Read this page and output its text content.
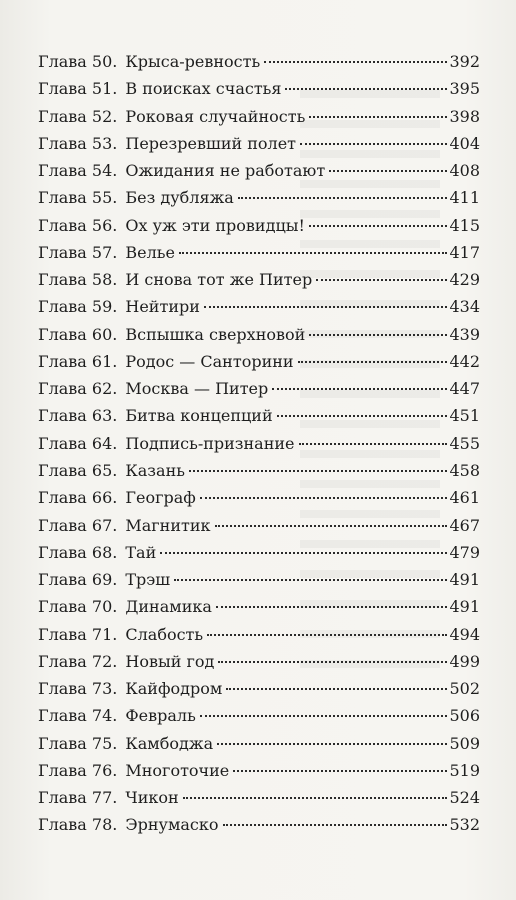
Глава 50. Крыса-ревность	392
Глава 51. В поисках счастья	395
Глава 52. Роковая случайность	398
Глава 53. Перезревший полет	404
Глава 54. Ожидания не работают	408
Глава 55. Без дубляжа	411
Глава 56. Ох уж эти провидцы!	415
Глава 57. Велье	417
Глава 58. И снова тот же Питер	429
Глава 59. Нейтири	434
Глава 60. Вспышка сверхновой	439
Глава 61. Родос — Санторини	442
Глава 62. Москва — Питер	447
Глава 63. Битва концепций	451
Глава 64. Подпись-признание	455
Глава 65. Казань	458
Глава 66. Географ	461
Глава 67. Магнитик	467
Глава 68. Тай	479
Глава 69. Трэш	491
Глава 70. Динамика	491
Глава 71. Слабость	494
Глава 72. Новый год	499
Глава 73. Кайфодром	502
Глава 74. Февраль	506
Глава 75. Камбоджа	509
Глава 76. Многоточие	519
Глава 77. Чикон	524
Глава 78. Эрнумаско	532
